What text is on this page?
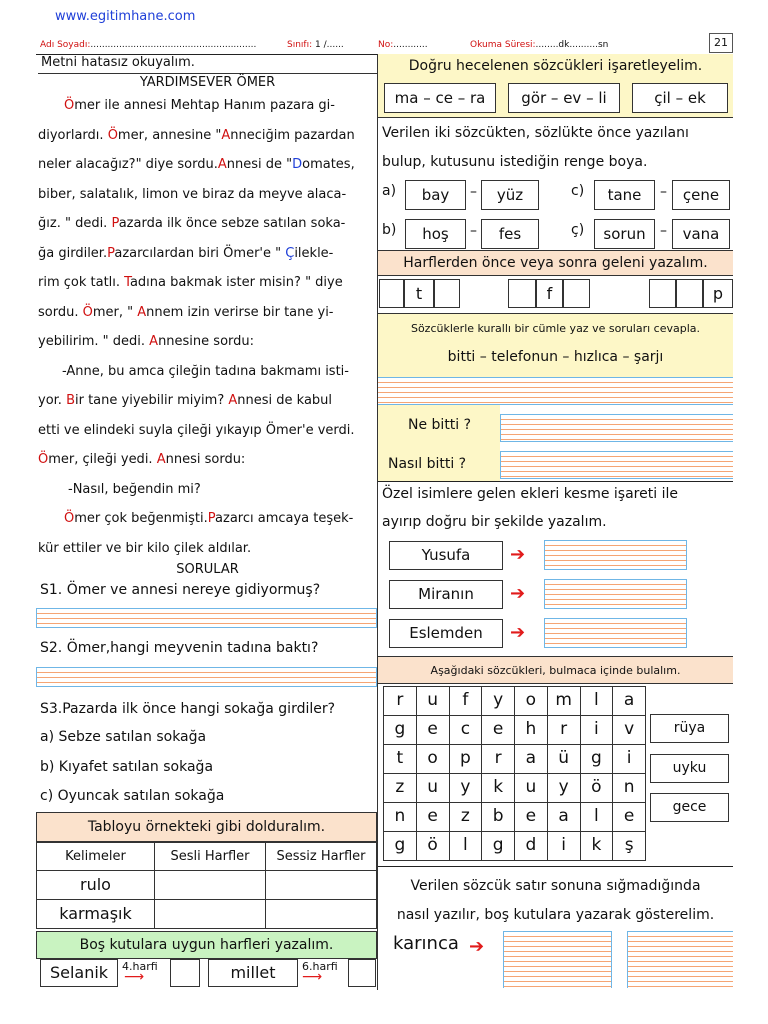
www.egitimhane.com
Adı Soyadı:..........................................................	Sınıfı: 1 /......	No:............	Okuma Süresi:........dk..........sn	21
Metni hatasız okuyalım.
YARDIMSEVER ÖMER

Ömer ile annesi Mehtap Hanım pazara gi-

diyorlardı. Ömer, annesine "Anneciğim pazardan

neler alacağız?" diye sordu.Annesi de "Domates,

biber, salatalık, limon ve biraz da meyve alaca-

ğız. " dedi. Pazarda ilk önce sebze satılan soka-

ğa girdiler.Pazarcılardan biri Ömer'e " Çilekle-

rim çok tatlı. Tadına bakmak ister misin? " diye

sordu. Ömer, " Annem izin verirse bir tane yi-

yebilirim. " dedi. Annesine sordu:

-Anne, bu amca çileğin tadına bakmamı isti-

yor. Bir tane yiyebilir miyim? Annesi de kabul

etti ve elindeki suyla çileği yıkayıp Ömer'e verdi.

Ömer, çileği yedi. Annesi sordu:

-Nasıl, beğendin mi?

Ömer çok beğenmişti.Pazarcı amcaya teşek-

kür ettiler ve bir kilo çilek aldılar.

SORULAR
S1. Ömer ve annesi nereye gidiyormuş?
S2. Ömer,hangi meyvenin tadına baktı?
S3.Pazarda ilk önce hangi sokağa girdiler?
a) Sebze satılan sokağa
b) Kıyafet satılan sokağa
c) Oyuncak satılan sokağa
Tabloyu örnekteki gibi dolduralım.
Kelimeler	Sesli Harfler	Sessiz Harfler
rulo
karmaşık
Boş kutulara uygun harfleri yazalım.
Selanik	4.harfi
⟶	millet	6.harfi
⟶
Doğru hecelenen sözcükleri işaretleyelim.
ma – ce – ra	gör – ev – li	çil – ek
Verilen iki sözcükten, sözlükte önce yazılanı
bulup, kutusunu istediğin renge boya.
a)	bay	–	yüz	c)	tane	–	çene
b)	hoş	–	fes	ç)	sorun	–	vana
Harflerden önce veya sonra geleni yazalım.
t	f	p
Sözcüklerle kurallı bir cümle yaz ve soruları cevapla.
bitti – telefonun – hızlıca – şarjı
Ne bitti ?
Nasıl bitti ?
Özel isimlere gelen ekleri kesme işareti ile
ayırıp doğru bir şekilde yazalım.
Yusufa	➔
Miranın	➔
Eslemden	➔
Aşağıdaki sözcükleri, bulmaca içinde bulalım.
r	u	f	y	o	m	l	a
g	e	c	e	h	r	i	v
t	o	p	r	a	ü	g	i
z	u	y	k	u	y	ö	n
n	e	z	b	e	a	l	e
g	ö	l	g	d	i	k	ş
rüya
uyku
gece
Verilen sözcük satır sonuna sığmadığında
nasıl yazılır, boş kutulara yazarak gösterelim.
karınca ➔
